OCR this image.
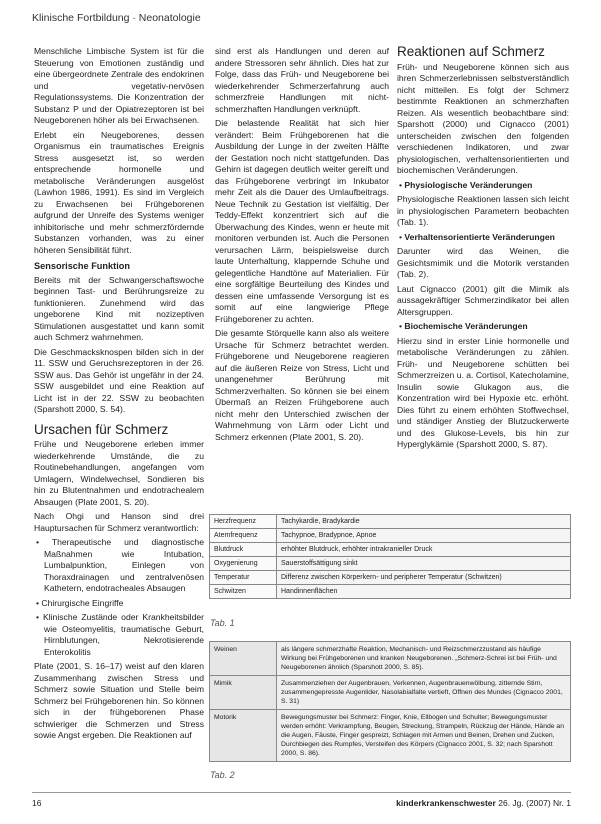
Klinische Fortbildung · Neonatologie

Menschliche Limbische System ist für die Steuerung von Emotionen zuständig und eine übergeordnete Zentrale des endokrinen und vegetativ-nervösen Regulationssystems. Die Konzentration der Substanz P und der Opiatrezeptoren ist bei Neugeborenen höher als bei Erwachsenen.

Erlebt ein Neugeborenes, dessen Organismus ein traumatisches Ereignis Stress ausgesetzt ist, so werden entsprechende hormonelle und metabolische Veränderungen ausgelöst (Lawhon 1986, 1991). Es sind im Vergleich zu Erwachsenen bei Frühgeborenen aufgrund der Unreife des Systems weniger inhibitorische und mehr schmerzfördernde Substanzen vorhanden, was zu einer höheren Sensibilität führt.

Sensorische Funktion

Bereits mit der Schwangerschaftswoche beginnen Tast- und Berührungsreize zu funktionieren. Zunehmend wird das ungeborene Kind mit nozizeptiven Stimulationen ausgestattet und kann somit auch Schmerz wahrnehmen.

Die Geschmacksknospen bilden sich in der 11. SSW und Geruchsrezeptoren in der 26. SSW aus. Das Gehör ist ungefähr in der 24. SSW ausgebildet und eine Reaktion auf Licht ist in der 22. SSW zu beobachten (Sparshott 2000, S. 54).

Ursachen für Schmerz

Frühe und Neugeborene erleben immer wiederkehrende Umstände, die zu Routinebehandlungen, angefangen vom Umlagern, Windelwechsel, Sondieren bis hin zu Blutentnahmen und endotrachealem Absaugen (Plate 2001, S. 20).

Nach Ohgi und Hanson sind drei Hauptursachen für Schmerz verantwortlich:

• Therapeutische und diagnostische Maßnahmen wie Intubation, Lumbalpunktion, Einlegen von Thoraxdrainagen und zentralvenösen Kathetern, endotracheales Absaugen

• Chirurgische Eingriffe

• Klinische Zustände oder Krankheitsbilder wie Osteomyelitis, traumatische Geburt, Hirnblutungen, Nekrotisierende Enterokolitis

Plate (2001, S. 16–17) weist auf den klaren Zusammenhang zwischen Stress und Schmerz sowie Situation und Stelle beim Schmerz bei Frühgeborenen hin. So können sich in der frühgeborenen Phase schwieriger die Schmerzen und Stress sowie Angst ergeben. Die Reaktionen auf

sind erst als Handlungen und deren auf andere Stressoren sehr ähnlich. Dies hat zur Folge, dass das Früh- und Neugeborene bei wiederkehrender Schmerzerfahrung auch schmerzfreie Handlungen mit nicht-schmerzhaften Handlungen verknüpft.

Die belastende Realität hat sich hier verändert: Beim Frühgeborenen hat die Ausbildung der Lunge in der zweiten Hälfte der Gestation noch nicht stattgefunden. Das Gehirn ist dagegen deutlich weiter gereift und das Frühgeborene verbringt im Inkubator mehr Zeit als die Dauer des Umlaufbeitrags. Neue Technik zu Gestation ist vielfältig. Der Teddy-Effekt konzentriert sich auf die Überwachung des Kindes, wenn er heute mit monitoren verbunden ist. Auch die Personen verursachen Lärm, beispielsweise durch laute Unterhaltung, klappernde Schuhe und gelegentliche Handtöne auf Materialien. Für eine sorgfältige Beurteilung des Kindes und dessen eine umfassende Versorgung ist es somit auf eine langwierige Pflege Frühgeborener zu achten.

Die gesamte Störquelle kann also als weitere Ursache für Schmerz betrachtet werden. Frühgeborene und Neugeborene reagieren auf die äußeren Reize von Stress, Licht und unangenehmer Berührung mit Schmerzverhalten. So können sie bei einem Übermaß an Reizen Frühgeborene auch nicht mehr den Unterschied zwischen der Wahrnehmung von Lärm oder Licht und Schmerz erkennen (Plate 2001, S. 20).

Reaktionen auf Schmerz

Früh- und Neugeborene können sich aus ihren Schmerzerlebnissen selbstverständlich nicht mitteilen. Es folgt der Schmerz bestimmte Reaktionen an schmerzhaften Reizen. Als wesentlich beobachtbare sind: Sparshott (2000) und Cignacco (2001) unterscheiden zwischen den folgenden verschiedenen Indikatoren, und zwar physiologischen, verhaltensorientierten und biochemischen Veränderungen.

• Physiologische Veränderungen

Physiologische Reaktionen lassen sich leicht in physiologischen Parametern beobachten (Tab. 1).

• Verhaltensorientierte Veränderungen

Darunter wird das Weinen, die Gesichtsmimik und die Motorik verstanden (Tab. 2).

Laut Cignacco (2001) gilt die Mimik als aussagekräftiger Schmerzindikator bei allen Altersgruppen.

• Biochemische Veränderungen

Hierzu sind in erster Linie hormonelle und metabolische Veränderungen zu zählen. Früh- und Neugeborene schütten bei Schmerzreizen u. a. Cortisol, Katecholamine, Insulin sowie Glukagon aus, die Konzentration wird bei Hypoxie etc. erhöht. Dies führt zu einem erhöhten Stoffwechsel, und ständiger Anstieg der Blutzuckerwerte und des Glukose-Levels, bis hin zur Hyperglykämie (Sparshott 2000, S. 87).

Herzfrequenz	Tachykardie, Bradykardie
Atemfrequenz	Tachypnoe, Bradypnoe, Apnoe
Blutdruck	erhöhter Blutdruck, erhöhter intrakranieller Druck
Oxygenierung	Sauerstoffsättigung sinkt
Temperatur	Differenz zwischen Körperkern- und peripherer Temperatur (Schwitzen)
Schwitzen	Handinnenflächen
Tab. 1
Weinen	als längere schmerzhafte Reaktion, Mechanisch- und Reizschmerzzustand als häufige Wirkung bei Frühgeborenen und kranken Neugeborenen. „Schmerz-Schrei ist bei Früh- und Neugeborenen ähnlich (Sparshott 2000, S. 85).
Mimik	Zusammenziehen der Augenbrauen, Verkennen, Augenbrauenwölbung, zitternde Stirn, zusammengepresste Augenlider, Nasolabialfalte vertieft, Offnen des Mundes (Cignacco 2001, S. 31)
Motorik	Bewegungsmuster bei Schmerz: Finger, Knie, Ellbogen und Schulter; Bewegungsmuster werden erhöht: Verkrampfung, Beugen, Streckung, Strampeln, Rückzug der Hände, Hände an die Augen, Fäuste, Finger gespreizt, Schlagen mit Armen und Beinen, Drehen und Zucken, Durchbiegen des Rumpfes, Versteifen des Körpers (Cignacco 2001, S. 32; nach Sparshott 2000, S. 86).
Tab. 2
16	kinderkrankenschwester 26. Jg. (2007) Nr. 1
